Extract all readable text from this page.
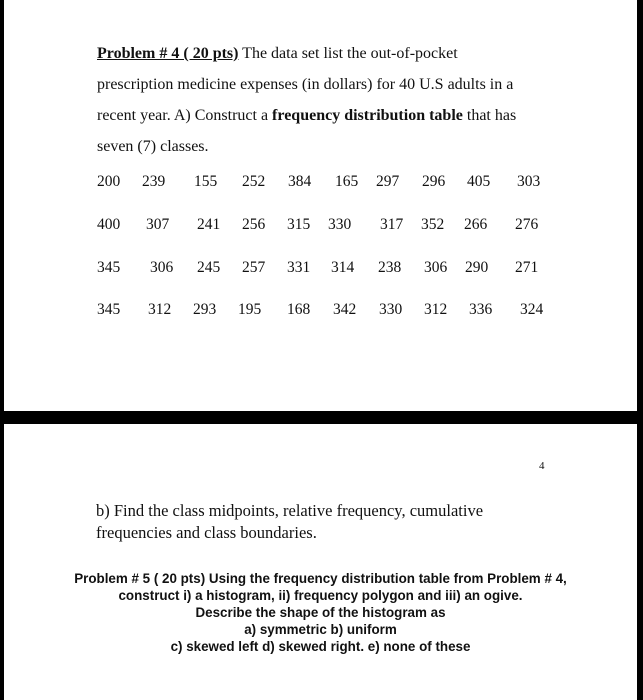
Problem # 4 ( 20 pts) The data set list the out-of-pocket
prescription medicine expenses (in dollars) for 40 U.S adults in a
recent year. A) Construct a frequency distribution table that has
seven (7) classes.
200 239 155 252 384 165 297 296 405 303
400 307 241 256 315 330 317 352 266 276
345 306 245 257 331 314 238 306 290 271
345 312 293 195 168 342 330 312 336 324
4
b) Find the class midpoints, relative frequency, cumulative
frequencies and class boundaries.
Problem # 5 ( 20 pts) Using the frequency distribution table from Problem # 4,
construct i) a histogram, ii) frequency polygon and iii) an ogive.
Describe the shape of the histogram as
a) symmetric b) uniform
c) skewed left d) skewed right. e) none of these
